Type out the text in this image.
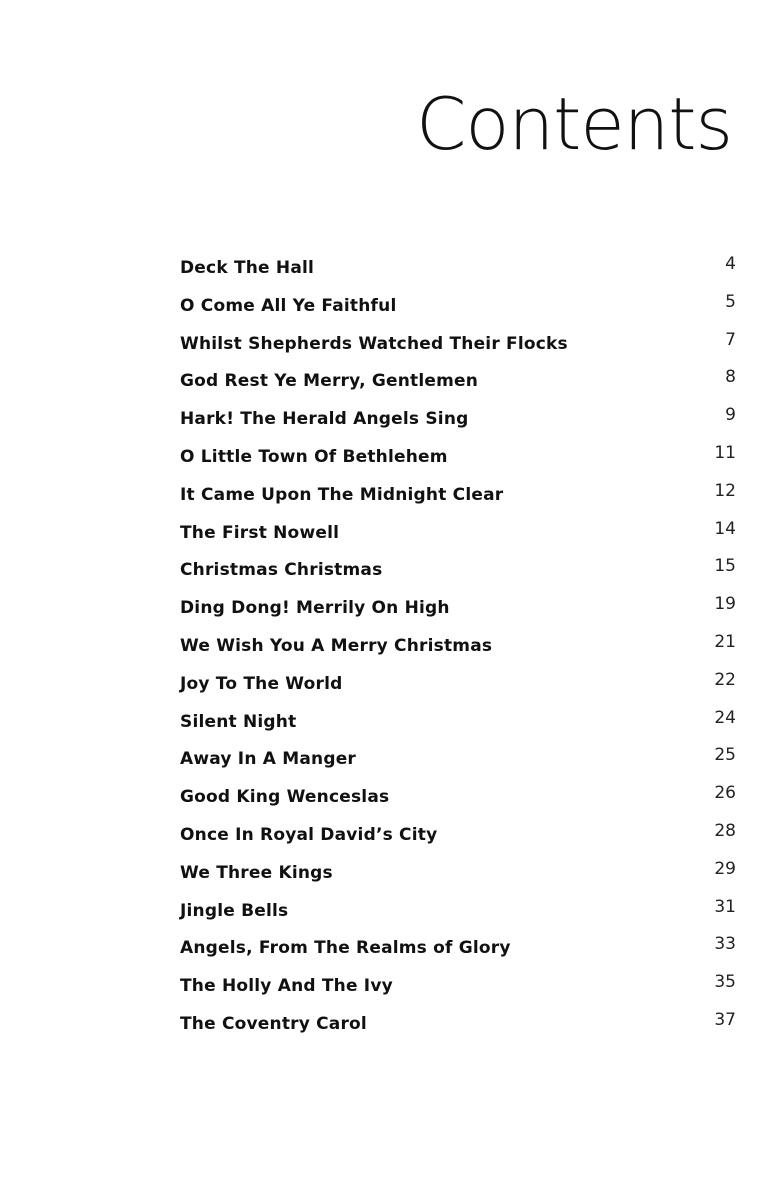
Contents
Deck The Hall	4
O Come All Ye Faithful	5
Whilst Shepherds Watched Their Flocks	7
God Rest Ye Merry, Gentlemen	8
Hark! The Herald Angels Sing	9
O Little Town Of Bethlehem	11
It Came Upon The Midnight Clear	12
The First Nowell	14
Christmas Christmas	15
Ding Dong! Merrily On High	19
We Wish You A Merry Christmas	21
Joy To The World	22
Silent Night	24
Away In A Manger	25
Good King Wenceslas	26
Once In Royal David’s City	28
We Three Kings	29
Jingle Bells	31
Angels, From The Realms of Glory	33
The Holly And The Ivy	35
The Coventry Carol	37
